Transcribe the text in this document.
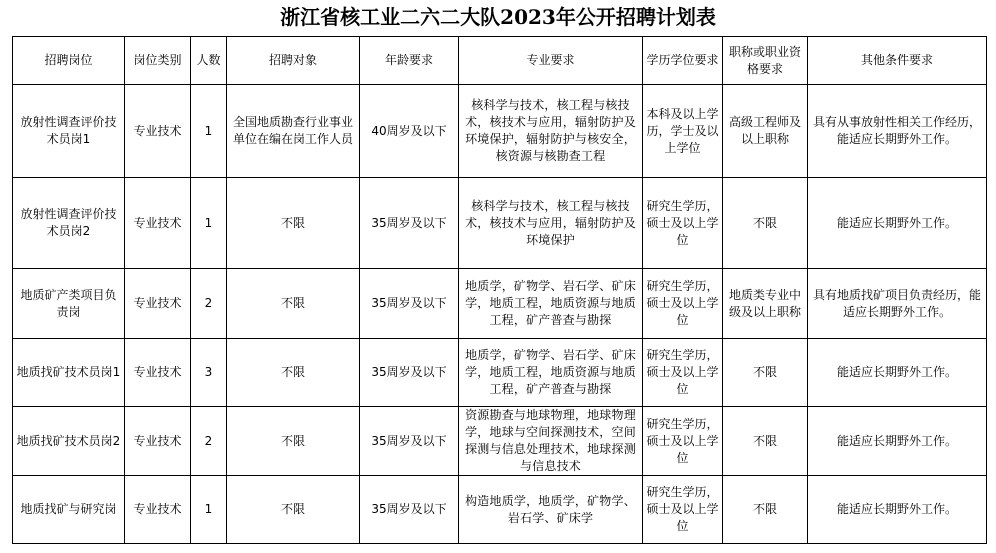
浙江省核工业二六二大队2023年公开招聘计划表
招聘岗位	岗位类别	人数	招聘对象	年龄要求	专业要求	学历学位要求	职称或职业资格要求	其他条件要求
放射性调查评价技术员岗1	专业技术	1	全国地质勘查行业事业单位在编在岗工作人员	40周岁及以下	核科学与技术，核工程与核技术，核技术与应用，辐射防护及环境保护，辐射防护与核安全，核资源与核勘查工程	本科及以上学历，学士及以上学位	高级工程师及以上职称	具有从事放射性相关工作经历，能适应长期野外工作。
放射性调查评价技术员岗2	专业技术	1	不限	35周岁及以下	核科学与技术，核工程与核技术，核技术与应用，辐射防护及环境保护	研究生学历，硕士及以上学位	不限	能适应长期野外工作。
地质矿产类项目负责岗	专业技术	2	不限	35周岁及以下	地质学，矿物学、岩石学、矿床学，地质工程，地质资源与地质工程，矿产普查与勘探	研究生学历，硕士及以上学位	地质类专业中级及以上职称	具有地质找矿项目负责经历，能适应长期野外工作。
地质找矿技术员岗1	专业技术	3	不限	35周岁及以下	地质学，矿物学、岩石学、矿床学，地质工程，地质资源与地质工程，矿产普查与勘探	研究生学历，硕士及以上学位	不限	能适应长期野外工作。
地质找矿技术员岗2	专业技术	2	不限	35周岁及以下	资源勘查与地球物理，地球物理学，地球与空间探测技术，空间探测与信息处理技术，地球探测与信息技术	研究生学历，硕士及以上学位	不限	能适应长期野外工作。
地质找矿与研究岗	专业技术	1	不限	35周岁及以下	构造地质学，地质学，矿物学、岩石学、矿床学	研究生学历，硕士及以上学位	不限	能适应长期野外工作。
